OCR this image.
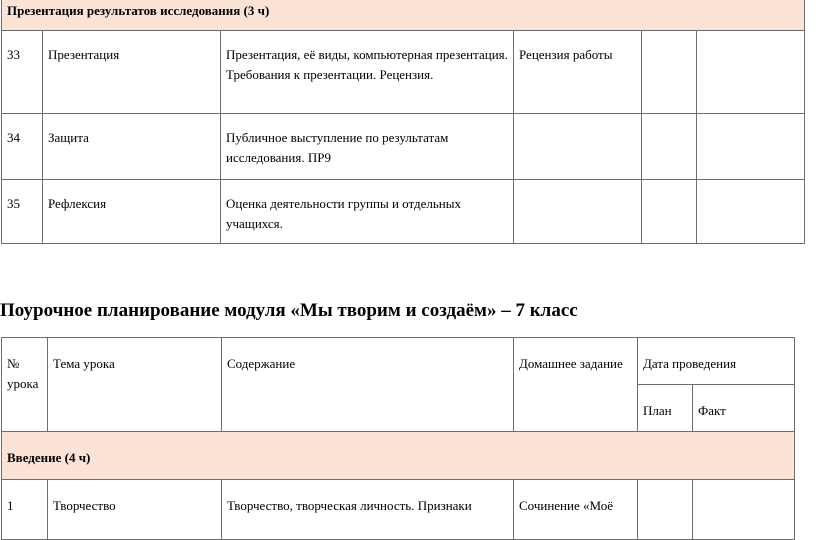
Презентация результатов исследования (3 ч)					
33	Презентация	Презентация, её виды, компьютерная презентация. Требования к презентации. Рецензия.	Рецензия работы		
34	Защита	Публичное выступление по результатам исследования. ПР9			
35	Рефлексия	Оценка деятельности группы и отдельных учащихся.			
Поурочное планирование модуля «Мы творим и создаём» – 7 класс
№ урока	Тема урока	Содержание	Домашнее задание	Дата проведения	
				План	Факт
Введение (4 ч)					
1	Творчество	Творчество, творческая личность. Признаки	Сочинение «Моё		
